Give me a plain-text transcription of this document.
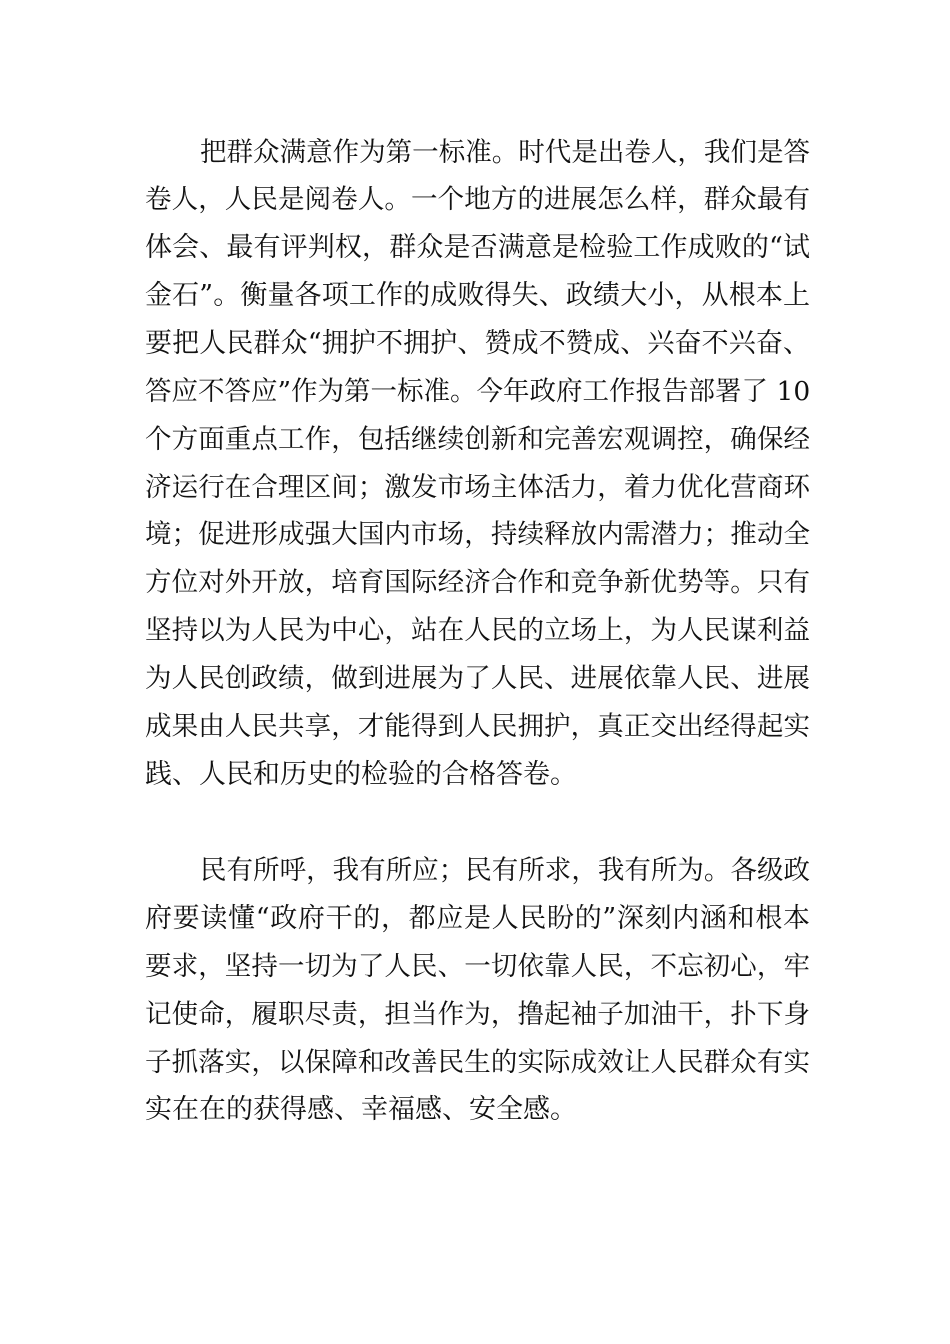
把群众满意作为第一标准。时代是出卷人，我们是答

卷人，人民是阅卷人。一个地方的进展怎么样，群众最有

体会、最有评判权，群众是否满意是检验工作成败的“试

金石”。衡量各项工作的成败得失、政绩大小，从根本上

要把人民群众“拥护不拥护、赞成不赞成、兴奋不兴奋、

答应不答应”作为第一标准。今年政府工作报告部署了 10

个方面重点工作，包括继续创新和完善宏观调控，确保经

济运行在合理区间；激发市场主体活力，着力优化营商环

境；促进形成强大国内市场，持续释放内需潜力；推动全

方位对外开放，培育国际经济合作和竞争新优势等。只有

坚持以为人民为中心，站在人民的立场上，为人民谋利益

为人民创政绩，做到进展为了人民、进展依靠人民、进展

成果由人民共享，才能得到人民拥护，真正交出经得起实

践、人民和历史的检验的合格答卷。

民有所呼，我有所应；民有所求，我有所为。各级政

府要读懂“政府干的，都应是人民盼的”深刻内涵和根本

要求，坚持一切为了人民、一切依靠人民，不忘初心，牢

记使命，履职尽责，担当作为，撸起袖子加油干，扑下身

子抓落实，以保障和改善民生的实际成效让人民群众有实

实在在的获得感、幸福感、安全感。
